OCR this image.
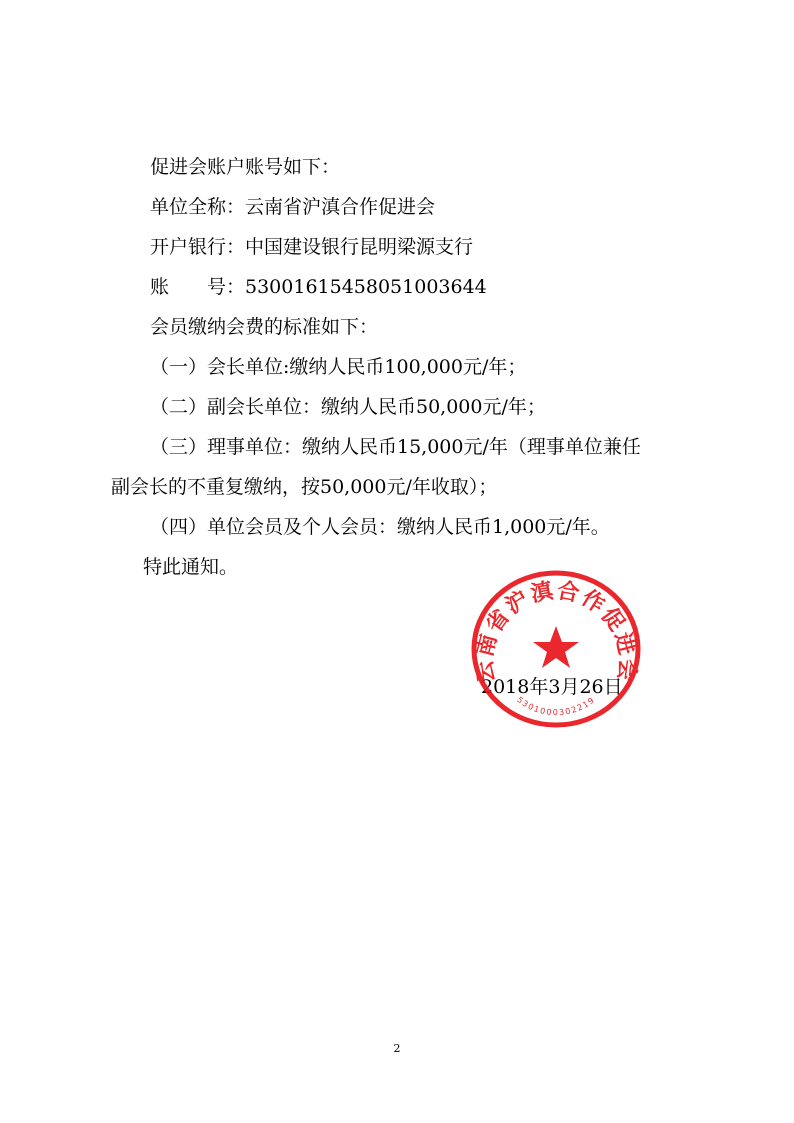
促进会账户账号如下：
单位全称：云南省沪滇合作促进会
开户银行：中国建设银行昆明梁源支行
账　　号：53001615458051003644
会员缴纳会费的标准如下：
（一）会长单位:缴纳人民币100,000元/年；
（二）副会长单位：缴纳人民币50,000元/年；
（三）理事单位：缴纳人民币15,000元/年（理事单位兼任
副会长的不重复缴纳，按50,000元/年收取）；
（四）单位会员及个人会员：缴纳人民币1,000元/年。
特此通知。
2018年3月26日
云南省沪滇合作促进会
5301000302219
2
